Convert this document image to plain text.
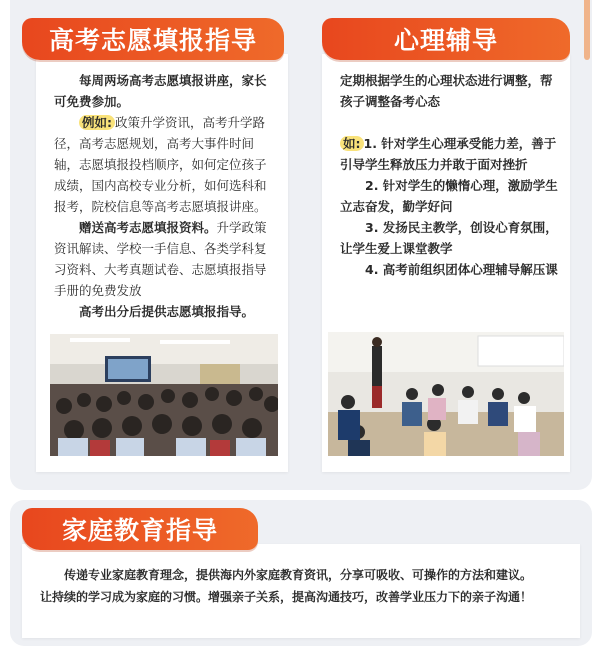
高考志愿填报指导

每周两场高考志愿填报讲座，家长可免费参加。

例如: 政策升学资讯，高考升学路径，高考志愿规划，高考大事件时间轴，志愿填报投档顺序，如何定位孩子成绩，国内高校专业分析，如何选科和报考，院校信息等高考志愿填报讲座。

赠送高考志愿填报资料。升学政策资讯解读、学校一手信息、各类学科复习资料、大考真题试卷、志愿填报指导手册的免费发放

高考出分后提供志愿填报指导。

心理辅导

定期根据学生的心理状态进行调整，帮孩子调整备考心态

如: 1. 针对学生心理承受能力差，善于引导学生释放压力并敢于面对挫折

2. 针对学生的懒惰心理，激励学生立志奋发，勤学好问

3. 发扬民主教学，创设心育氛围，让学生爱上课堂教学

4. 高考前组织团体心理辅导解压课

家庭教育指导

传递专业家庭教育理念，提供海内外家庭教育资讯，分享可吸收、可操作的方法和建议。

让持续的学习成为家庭的习惯。增强亲子关系，提高沟通技巧，改善学业压力下的亲子沟通！
